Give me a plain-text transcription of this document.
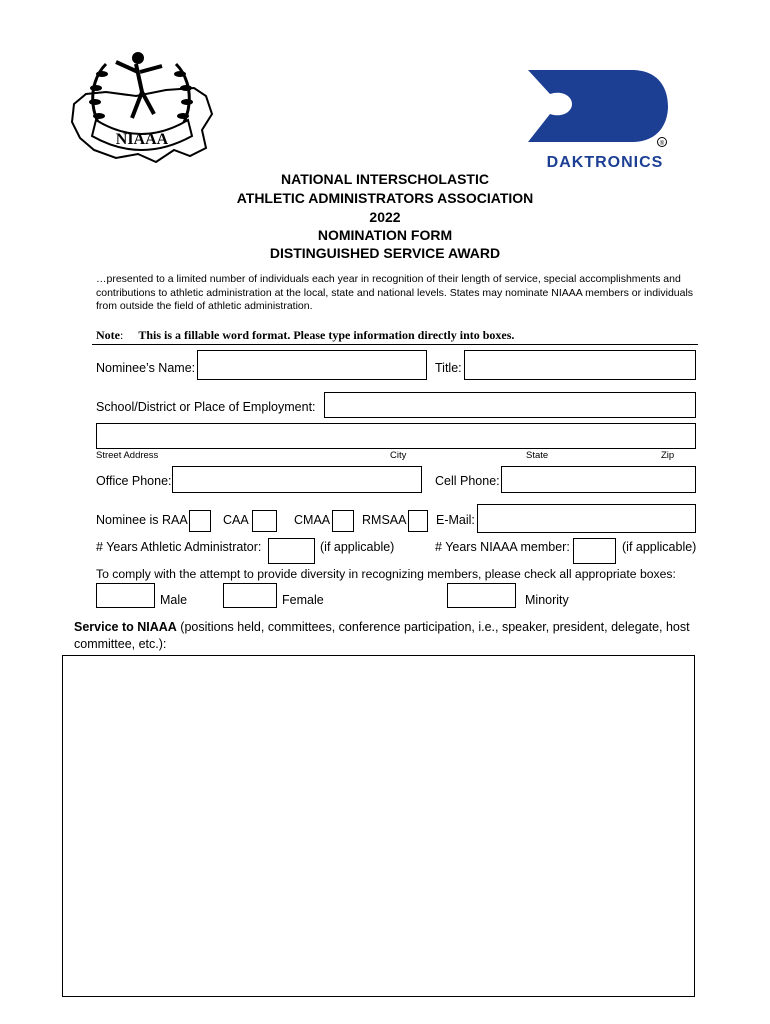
NIAAA	®
DAKTRONICS
NATIONAL INTERSCHOLASTIC
ATHLETIC ADMINISTRATORS ASSOCIATION
2022
NOMINATION FORM
DISTINGUISHED SERVICE AWARD
…presented to a limited number of individuals each year in recognition of their length of service, special accomplishments and contributions to athletic administration at the local, state and national levels. States may nominate NIAAA members or individuals from outside the field of athletic administration.
Note:     This is a fillable word format. Please type information directly into boxes.
Nominee’s Name:	Title:
School/District or Place of Employment:
Street Address	City	State	Zip
Office Phone:	Cell Phone:
Nominee is RAA	CAA	CMAA	RMSAA E-Mail:
# Years Athletic Administrator:	(if applicable)	# Years NIAAA member:	(if applicable)
To comply with the attempt to provide diversity in recognizing members, please check all appropriate boxes:
Male	Female	Minority
Service to NIAAA (positions held, committees, conference participation, i.e., speaker, president, delegate, host committee, etc.):
